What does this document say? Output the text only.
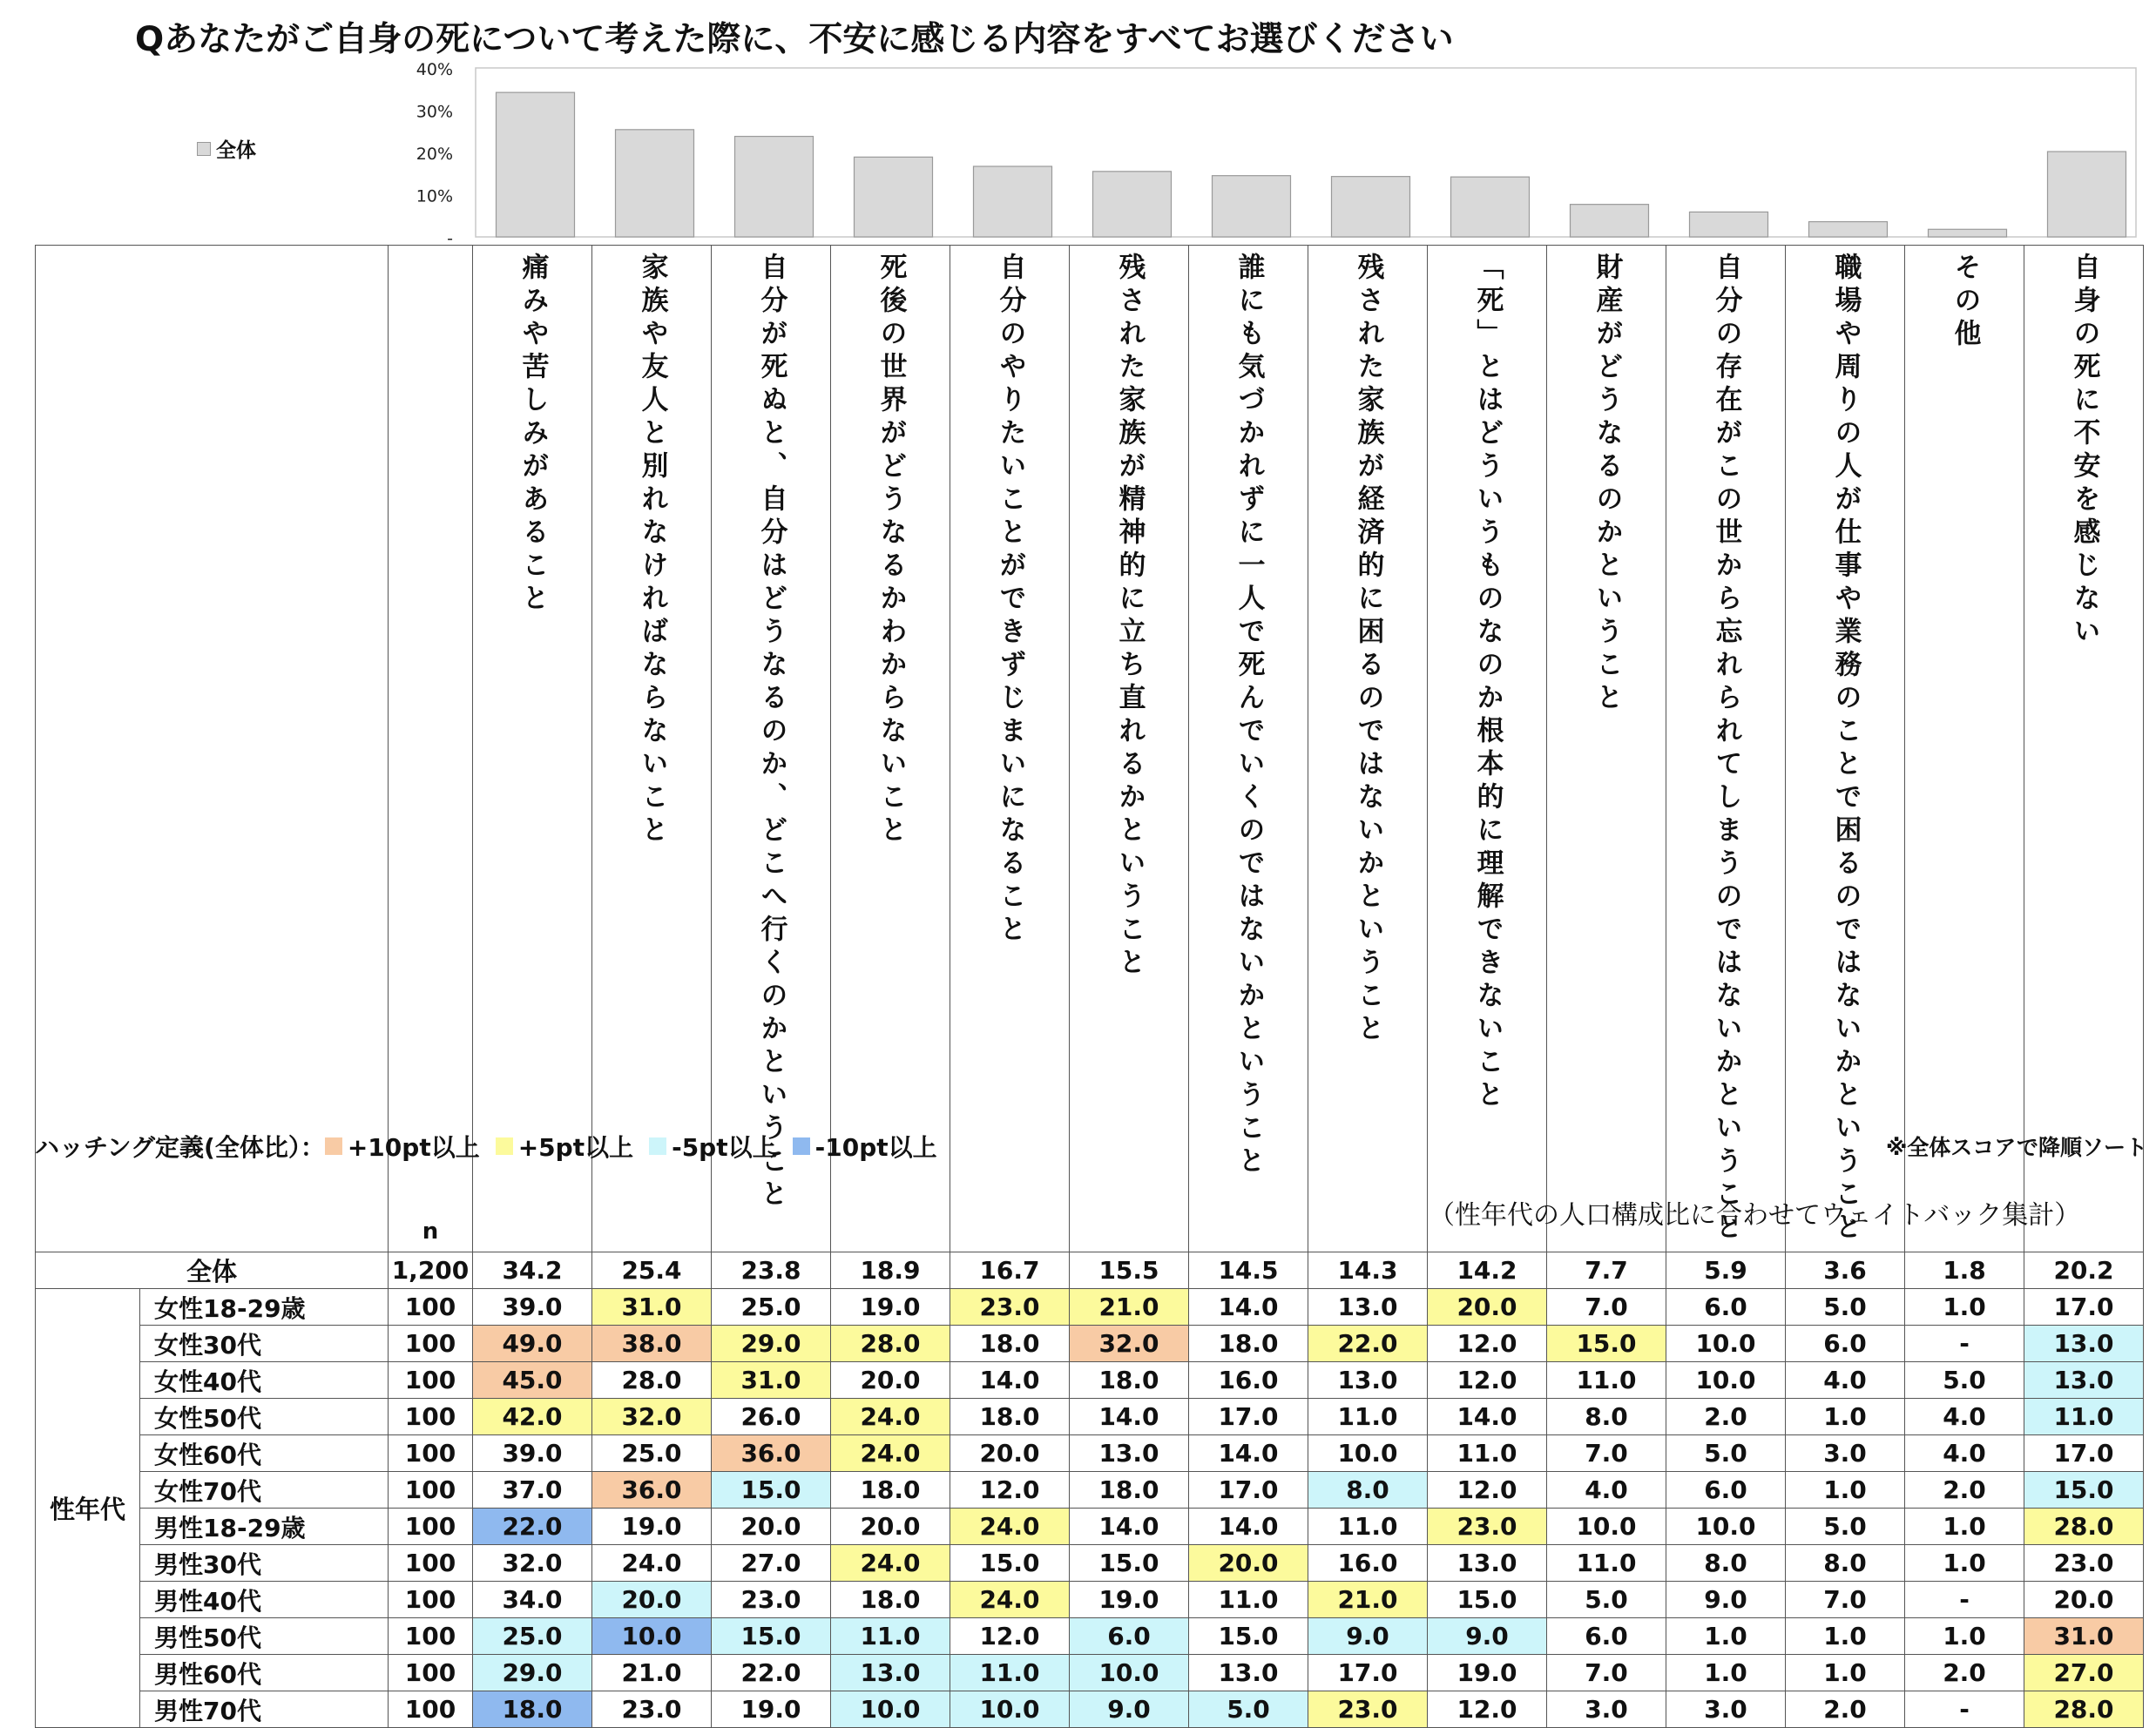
Qあなたがご自身の死について考えた際に、不安に感じる内容をすべてお選びください
40%
30%
20%
10%
-
全体
		n	痛みや苦しみがあること	家族や友人と別れなければならないこと	自分が死ぬと、自分はどうなるのか、どこへ行くのかということ	死後の世界がどうなるかわからないこと	自分のやりたいことができずじまいになること	残された家族が精神的に立ち直れるかということ	誰にも気づかれずに一人で死んでいくのではないかということ	残された家族が経済的に困るのではないかということ	「死」とはどういうものなのか根本的に理解できないこと	財産がどうなるのかということ	自分の存在がこの世から忘れられてしまうのではないかということ	職場や周りの人が仕事や業務のことで困るのではないかということ	その他	自身の死に不安を感じない
全体		1,200	34.2	25.4	23.8	18.9	16.7	15.5	14.5	14.3	14.2	7.7	5.9	3.6	1.8	20.2
性年代	女性18-29歳	100	39.0	31.0	25.0	19.0	23.0	21.0	14.0	13.0	20.0	7.0	6.0	5.0	1.0	17.0
	女性30代	100	49.0	38.0	29.0	28.0	18.0	32.0	18.0	22.0	12.0	15.0	10.0	6.0	-	13.0
	女性40代	100	45.0	28.0	31.0	20.0	14.0	18.0	16.0	13.0	12.0	11.0	10.0	4.0	5.0	13.0
	女性50代	100	42.0	32.0	26.0	24.0	18.0	14.0	17.0	11.0	14.0	8.0	2.0	1.0	4.0	11.0
	女性60代	100	39.0	25.0	36.0	24.0	20.0	13.0	14.0	10.0	11.0	7.0	5.0	3.0	4.0	17.0
	女性70代	100	37.0	36.0	15.0	18.0	12.0	18.0	17.0	8.0	12.0	4.0	6.0	1.0	2.0	15.0
	男性18-29歳	100	22.0	19.0	20.0	20.0	24.0	14.0	14.0	11.0	23.0	10.0	10.0	5.0	1.0	28.0
	男性30代	100	32.0	24.0	27.0	24.0	15.0	15.0	20.0	16.0	13.0	11.0	8.0	8.0	1.0	23.0
	男性40代	100	34.0	20.0	23.0	18.0	24.0	19.0	11.0	21.0	15.0	5.0	9.0	7.0	-	20.0
	男性50代	100	25.0	10.0	15.0	11.0	12.0	6.0	15.0	9.0	9.0	6.0	1.0	1.0	1.0	31.0
	男性60代	100	29.0	21.0	22.0	13.0	11.0	10.0	13.0	17.0	19.0	7.0	1.0	1.0	2.0	27.0
	男性70代	100	18.0	23.0	19.0	10.0	10.0	9.0	5.0	23.0	12.0	3.0	3.0	2.0	-	28.0
ハッチング定義(全体比）： +10pt以上 +5pt以上 -5pt以上 -10pt以上	※全体スコアで降順ソート
（性年代の人口構成比に合わせてウェイトバック集計）
